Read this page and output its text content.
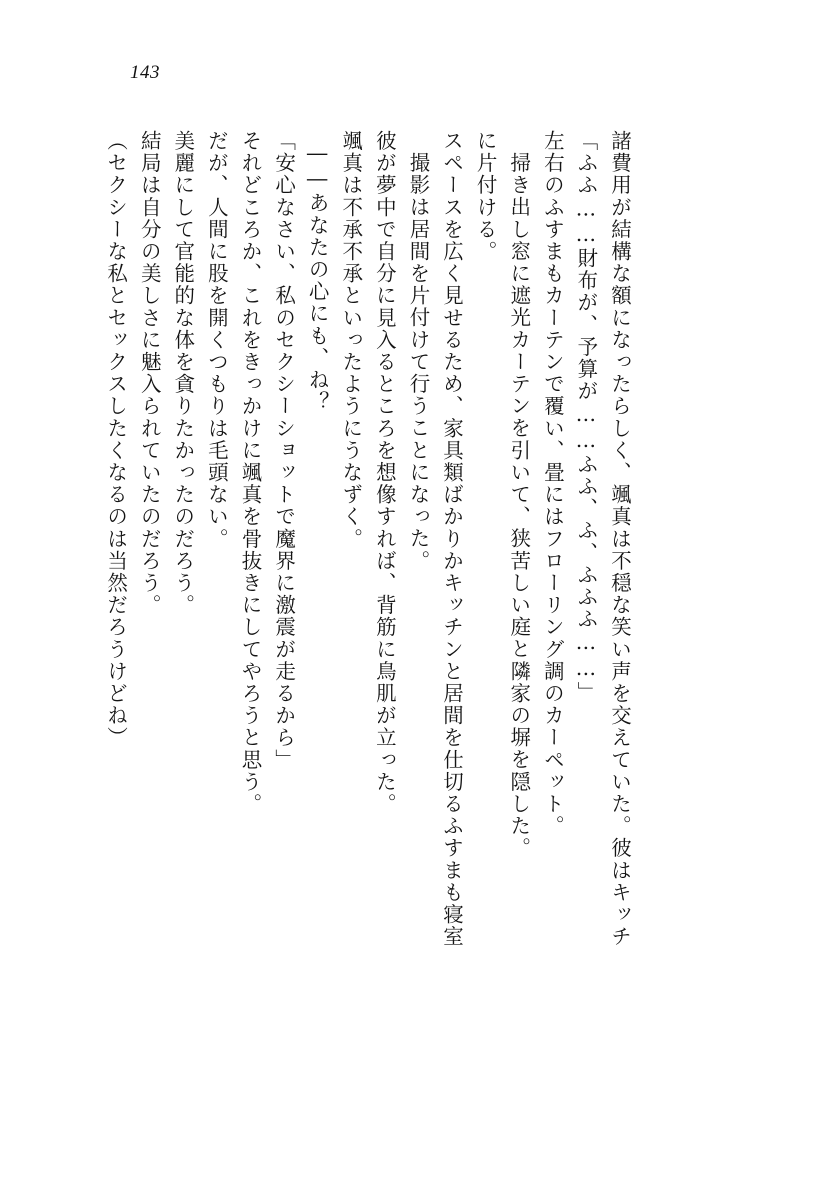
143
（セクシーな私とセックスしたくなるのは当然だろうけどね） 結局は自分の美しさに魅入られていたのだろう。 美麗にして官能的な体を貪りたかったのだろう。 だが、人間に股を開くつもりは毛頭ない。 それどころか、これをきっかけに颯真を骨抜きにしてやろうと思う。 「安心なさい、私のセクシーショットで魔界に激震が走るから」 ――あなたの心にも、ね？ 颯真は不承不承といったようにうなずく。 彼が夢中で自分に見入るところを想像すれば、背筋に鳥肌が立った。 撮影は居間を片付けて行うことになった。 スペースを広く見せるため、家具類ばかりかキッチンと居間を仕切るふすまも寝室 に片付ける。 掃き出し窓に遮光カーテンを引いて、狭苦しい庭と隣家の塀を隠した。 左右のふすまもカーテンで覆い、畳にはフローリング調のカーペット。 「ふふ……財布が、予算が……ふふ、ふ、ふふふ……」 諸費用が結構な額になったらしく、颯真は不穏な笑い声を交えていた。彼はキッチ
